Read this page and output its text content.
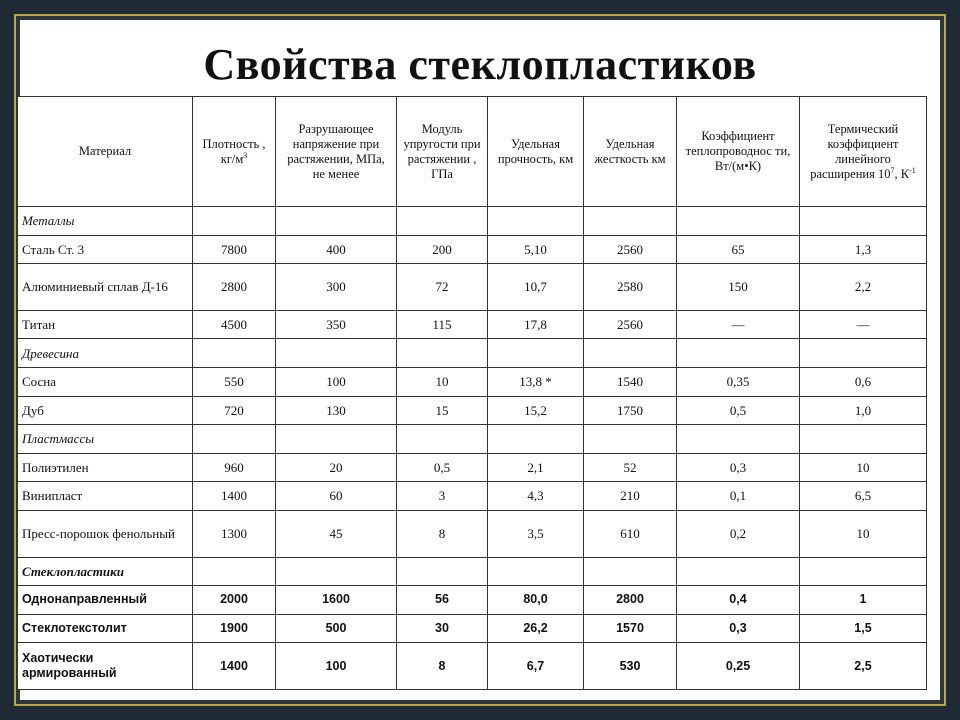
Свойства стеклопластиков
Материал	Плотность , $кг/м^3$	Разрушающее напряжение при растяжении, МПа, не менее	Модуль упругости при растяжении , ГПа	Удельная прочность, км	Удельная жесткость км	Коэффициент теплопроводнос ти, Вт/(м•К)	Термический коэффициент линейного расширения $10^7$, $К^{-1}$
Металлы							
Сталь Ст. 3	7800	400	200	5,10	2560	65	1,3
Алюминиевый сплав Д-16	2800	300	72	10,7	2580	150	2,2
Титан	4500	350	115	17,8	2560	—	—
Древесина							
Сосна	550	100	10	13,8 *	1540	0,35	0,6
Дуб	720	130	15	15,2	1750	0,5	1,0
Пластмассы							
Полиэтилен	960	20	0,5	2,1	52	0,3	10
Винипласт	1400	60	3	4,3	210	0,1	6,5
Пресс-порошок фенольный	1300	45	8	3,5	610	0,2	10
Стеклопластики							
Однонаправленный	2000	1600	56	80,0	2800	0,4	1
Стеклотекстолит	1900	500	30	26,2	1570	0,3	1,5
Хаотически армированный	1400	100	8	6,7	530	0,25	2,5
